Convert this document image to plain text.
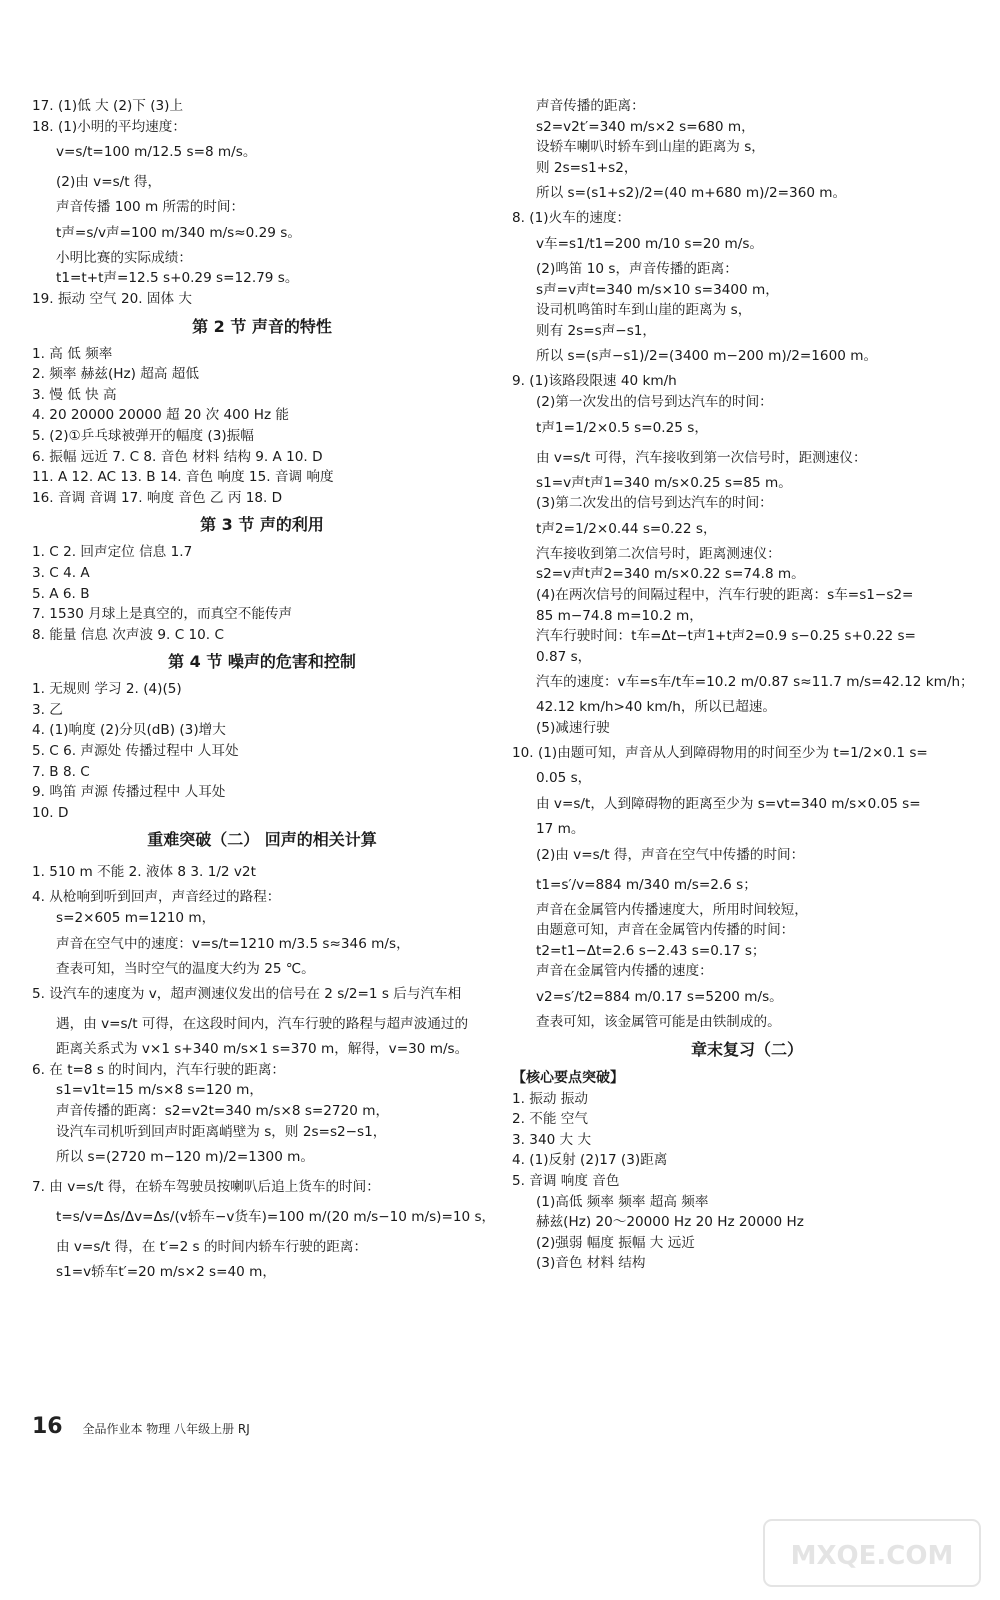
17. (1)低 大 (2)下 (3)上
18. (1)小明的平均速度：
v=s/t=100 m/12.5 s=8 m/s。
(2)由 v=s/t 得，
声音传播 100 m 所需的时间：
t声=s/v声=100 m/340 m/s≈0.29 s。
小明比赛的实际成绩：
t1=t+t声=12.5 s+0.29 s=12.79 s。
19. 振动 空气 20. 固体 大
第 2 节 声音的特性
1. 高 低 频率
2. 频率 赫兹(Hz) 超高 超低
3. 慢 低 快 高
4. 20 20000 20000 超 20 次 400 Hz 能
5. (2)①乒乓球被弹开的幅度 (3)振幅
6. 振幅 远近 7. C 8. 音色 材料 结构 9. A 10. D
11. A 12. AC 13. B 14. 音色 响度 15. 音调 响度
16. 音调 音调 17. 响度 音色 乙 丙 18. D
第 3 节 声的利用
1. C 2. 回声定位 信息 1.7
3. C 4. A
5. A 6. B
7. 1530 月球上是真空的，而真空不能传声
8. 能量 信息 次声波 9. C 10. C
第 4 节 噪声的危害和控制
1. 无规则 学习 2. (4)(5)
3. 乙
4. (1)响度 (2)分贝(dB) (3)增大
5. C 6. 声源处 传播过程中 人耳处
7. B 8. C
9. 鸣笛 声源 传播过程中 人耳处
10. D
重难突破（二） 回声的相关计算
1. 510 m 不能 2. 液体 8 3. 1/2 v2t
4. 从枪响到听到回声，声音经过的路程：
s=2×605 m=1210 m，
声音在空气中的速度：v=s/t=1210 m/3.5 s≈346 m/s，
查表可知，当时空气的温度大约为 25 ℃。
5. 设汽车的速度为 v，超声测速仪发出的信号在 2 s/2=1 s 后与汽车相
遇，由 v=s/t 可得，在这段时间内，汽车行驶的路程与超声波通过的
距离关系式为 v×1 s+340 m/s×1 s=370 m，解得，v=30 m/s。
6. 在 t=8 s 的时间内，汽车行驶的距离：
s1=v1t=15 m/s×8 s=120 m，
声音传播的距离：s2=v2t=340 m/s×8 s=2720 m，
设汽车司机听到回声时距离峭壁为 s，则 2s=s2−s1，
所以 s=(2720 m−120 m)/2=1300 m。
7. 由 v=s/t 得，在轿车驾驶员按喇叭后追上货车的时间：
t=s/v=Δs/Δv=Δs/(v轿车−v货车)=100 m/(20 m/s−10 m/s)=10 s，
由 v=s/t 得，在 t′=2 s 的时间内轿车行驶的距离：
s1=v轿车t′=20 m/s×2 s=40 m，
声音传播的距离：
s2=v2t′=340 m/s×2 s=680 m，
设轿车喇叭时轿车到山崖的距离为 s，
则 2s=s1+s2，
所以 s=(s1+s2)/2=(40 m+680 m)/2=360 m。
8. (1)火车的速度：
v车=s1/t1=200 m/10 s=20 m/s。
(2)鸣笛 10 s，声音传播的距离：
s声=v声t=340 m/s×10 s=3400 m，
设司机鸣笛时车到山崖的距离为 s，
则有 2s=s声−s1，
所以 s=(s声−s1)/2=(3400 m−200 m)/2=1600 m。
9. (1)该路段限速 40 km/h
(2)第一次发出的信号到达汽车的时间：
t声1=1/2×0.5 s=0.25 s，
由 v=s/t 可得，汽车接收到第一次信号时，距测速仪：
s1=v声t声1=340 m/s×0.25 s=85 m。
(3)第二次发出的信号到达汽车的时间：
t声2=1/2×0.44 s=0.22 s，
汽车接收到第二次信号时，距离测速仪：
s2=v声t声2=340 m/s×0.22 s=74.8 m。
(4)在两次信号的间隔过程中，汽车行驶的距离：s车=s1−s2=
85 m−74.8 m=10.2 m，
汽车行驶时间：t车=Δt−t声1+t声2=0.9 s−0.25 s+0.22 s=
0.87 s，
汽车的速度：v车=s车/t车=10.2 m/0.87 s≈11.7 m/s=42.12 km/h；
42.12 km/h>40 km/h，所以已超速。
(5)减速行驶
10. (1)由题可知，声音从人到障碍物用的时间至少为 t=1/2×0.1 s=
0.05 s，
由 v=s/t，人到障碍物的距离至少为 s=vt=340 m/s×0.05 s=
17 m。
(2)由 v=s/t 得，声音在空气中传播的时间：
t1=s′/v=884 m/340 m/s=2.6 s；
声音在金属管内传播速度大，所用时间较短，
由题意可知，声音在金属管内传播的时间：
t2=t1−Δt=2.6 s−2.43 s=0.17 s；
声音在金属管内传播的速度：
v2=s′/t2=884 m/0.17 s=5200 m/s。
查表可知，该金属管可能是由铁制成的。
章末复习（二）
【核心要点突破】
1. 振动 振动
2. 不能 空气
3. 340 大 大
4. (1)反射 (2)17 (3)距离
5. 音调 响度 音色
(1)高低 频率 频率 超高 频率
赫兹(Hz) 20～20000 Hz 20 Hz 20000 Hz
(2)强弱 幅度 振幅 大 远近
(3)音色 材料 结构
16 全品作业本 物理 八年级上册 RJ
MXQE.COM
